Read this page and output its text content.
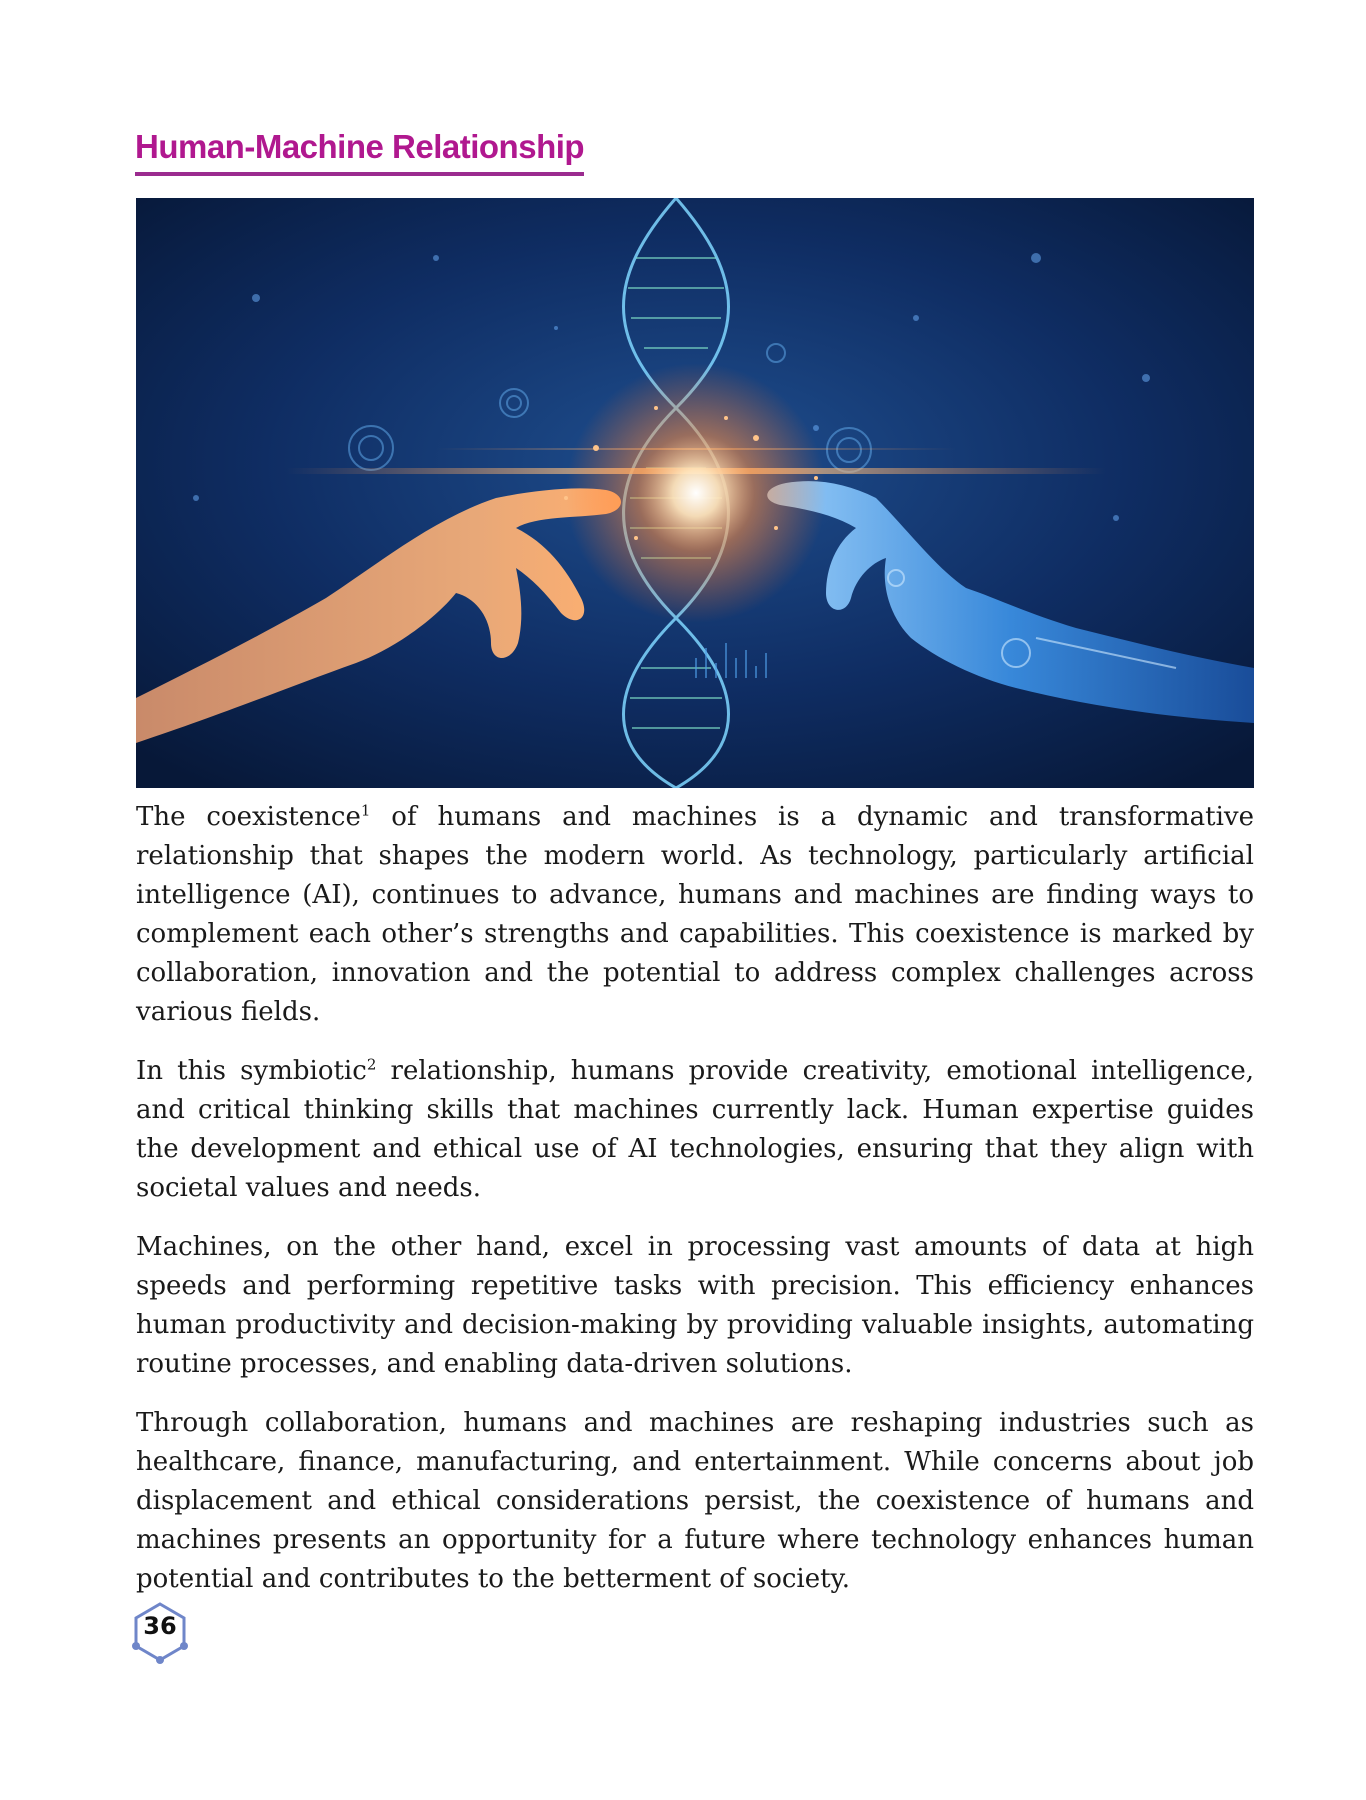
Human-Machine Relationship

The coexistence$^1$ of humans and machines is a dynamic and transformative relationship that shapes the modern world. As technology, particularly artificial intelligence (AI), continues to advance, humans and machines are finding ways to complement each other’s strengths and capabilities. This coexistence is marked by collaboration, innovation and the potential to address complex challenges across various fields.

In this symbiotic$^2$ relationship, humans provide creativity, emotional intelligence, and critical thinking skills that machines currently lack. Human expertise guides the development and ethical use of AI technologies, ensuring that they align with societal values and needs.

Machines, on the other hand, excel in processing vast amounts of data at high speeds and performing repetitive tasks with precision. This efficiency enhances human productivity and decision-making by providing valuable insights, automating routine processes, and enabling data-driven solutions.

Through collaboration, humans and machines are reshaping industries such as healthcare, finance, manufacturing, and entertainment. While concerns about job displacement and ethical considerations persist, the coexistence of humans and machines presents an opportunity for a future where technology enhances human potential and contributes to the betterment of society.

36
